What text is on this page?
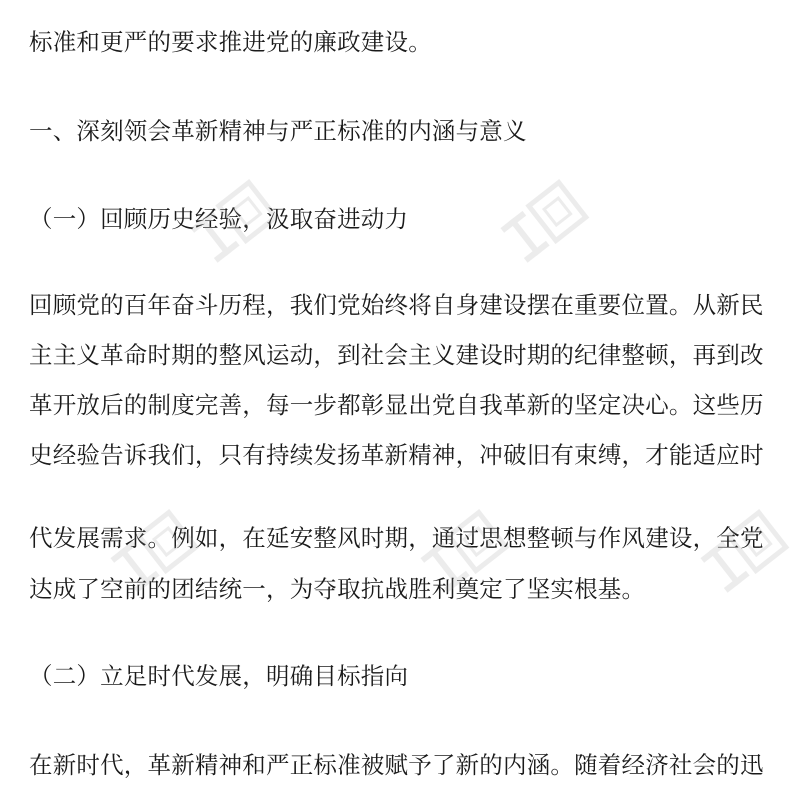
标准和更严的要求推进党的廉政建设。
一、深刻领会革新精神与严正标准的内涵与意义
（一）回顾历史经验，汲取奋进动力
回顾党的百年奋斗历程，我们党始终将自身建设摆在重要位置。从新民
主主义革命时期的整风运动，到社会主义建设时期的纪律整顿，再到改
革开放后的制度完善，每一步都彰显出党自我革新的坚定决心。这些历
史经验告诉我们，只有持续发扬革新精神，冲破旧有束缚，才能适应时
代发展需求。例如，在延安整风时期，通过思想整顿与作风建设，全党
达成了空前的团结统一，为夺取抗战胜利奠定了坚实根基。
（二）立足时代发展，明确目标指向
在新时代，革新精神和严正标准被赋予了新的内涵。随着经济社会的迅
